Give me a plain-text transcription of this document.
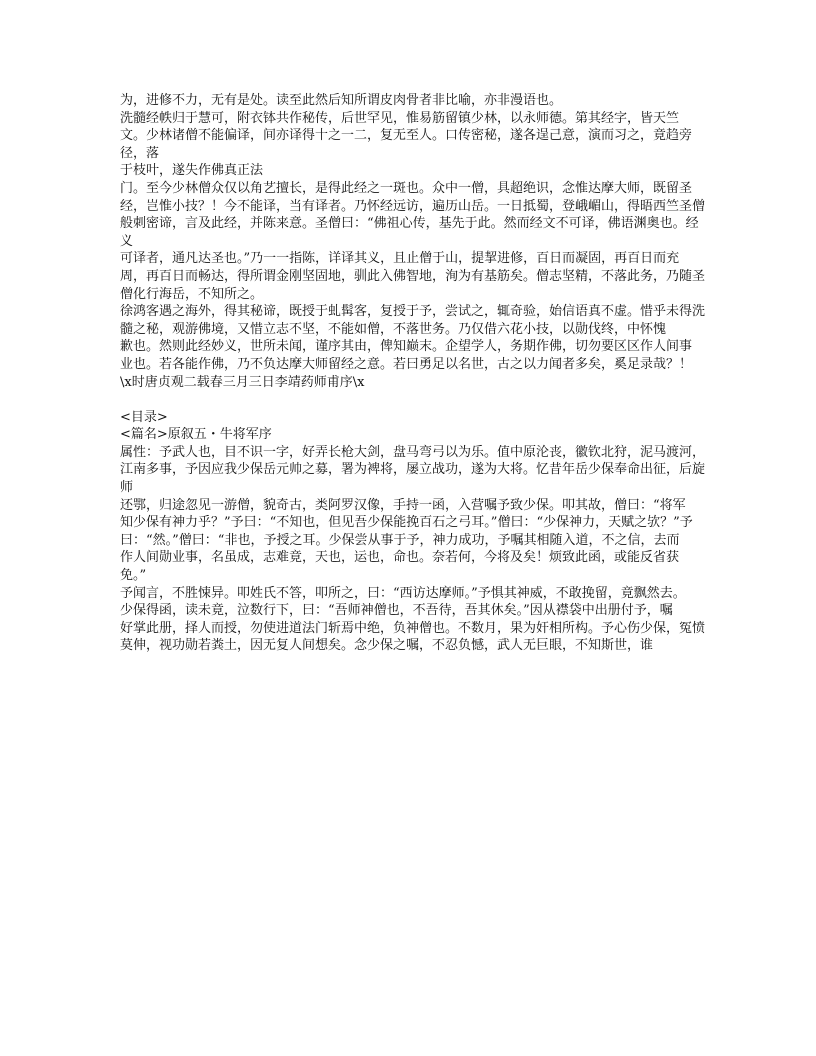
为，进修不力，无有是处。读至此然后知所谓皮肉骨者非比喻，亦非漫语也。

洗髓经帙归于慧可，附衣钵共作秘传，后世罕见，惟易筋留镇少林，以永师德。第其经字，皆天竺

文。少林诸僧不能偏译，间亦译得十之一二，复无至人。口传密秘，遂各逞己意，演而习之，竟趋旁径，落

于枝叶，遂失作佛真正法

门。至今少林僧众仅以角艺擅长，是得此经之一斑也。众中一僧，具超绝识，念惟达摩大师，既留圣

经，岂惟小技？！今不能译，当有译者。乃怀经远访，遍历山岳。一日抵蜀，登峨嵋山，得晤西竺圣僧

般刺密谛，言及此经，并陈来意。圣僧曰：“佛祖心传，基先于此。然而经文不可译，佛语渊奥也。经义

可译者，通凡达圣也。”乃一一指陈，详译其义，且止僧于山，提挈进修，百日而凝固，再百日而充

周，再百日而畅达，得所谓金刚坚固地，驯此入佛智地，洵为有基筋矣。僧志坚精，不落此务，乃随圣

僧化行海岳，不知所之。

徐鸿客遇之海外，得其秘谛，既授于虬髯客，复授于予，尝试之，辄奇验，始信语真不虚。惜乎未得洗髓之秘，观游佛境，又惜立志不坚，不能如僧，不落世务。乃仅借六花小技，以勋伐终，中怀愧

歉也。然则此经妙义，世所未闻，谨序其由，俾知巅末。企望学人，务期作佛，切勿要区区作人间事

业也。若各能作佛，乃不负达摩大师留经之意。若曰勇足以名世，古之以力闻者多矣，奚足录哉？！

\x时唐贞观二载春三月三日李靖药师甫序\x

<目录>

<篇名>原叙五・牛将军序

属性：予武人也，目不识一字，好弄长枪大剑，盘马弯弓以为乐。值中原沦丧，徽钦北狩，泥马渡河，

江南多事，予因应我少保岳元帅之募，署为裨将，屡立战功，遂为大将。忆昔年岳少保奉命出征，后旋师

还鄂，归途忽见一游僧，貌奇古，类阿罗汉像，手持一函，入营嘱予致少保。叩其故，僧曰：“将军

知少保有神力乎？”予曰：“不知也，但见吾少保能挽百石之弓耳。”僧曰：“少保神力，天赋之欤？”予

曰：“然。”僧曰：“非也，予授之耳。少保尝从事于予，神力成功，予嘱其相随入道，不之信，去而

作人间勋业事，名虽成，志难竟，天也，运也，命也。奈若何，今将及矣！烦致此函，或能反省获免。”

予闻言，不胜悚异。叩姓氏不答，叩所之，曰：“西访达摩师。”予惧其神威，不敢挽留，竟飘然去。

少保得函，读未竟，泣数行下，曰：“吾师神僧也，不吾待，吾其休矣。”因从襟袋中出册付予，嘱

好掌此册，择人而授，勿使进道法门斩焉中绝，负神僧也。不数月，果为奸相所构。予心伤少保，冤愤

莫伸，视功勋若粪土，因无复人间想矣。念少保之嘱，不忍负憾，武人无巨眼，不知斯世，谁
